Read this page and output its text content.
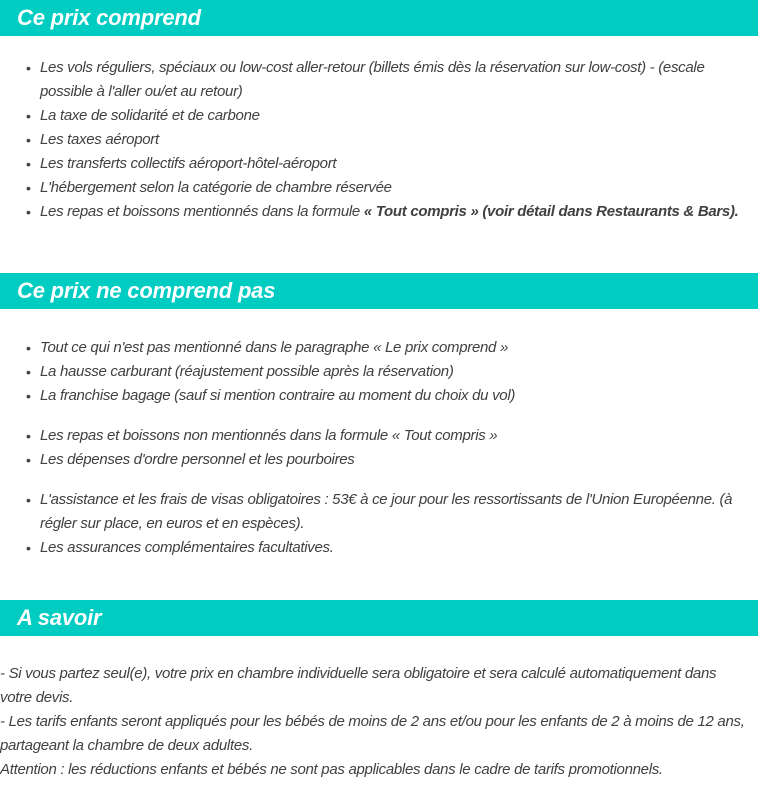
Ce prix comprend
• Les vols réguliers, spéciaux ou low-cost aller-retour (billets émis dès la réservation sur low-cost) - (escale possible à l'aller ou/et au retour)
• La taxe de solidarité et de carbone
• Les taxes aéroport
• Les transferts collectifs aéroport-hôtel-aéroport
• L'hébergement selon la catégorie de chambre réservée
• Les repas et boissons mentionnés dans la formule « Tout compris » (voir détail dans Restaurants & Bars).
Ce prix ne comprend pas
• Tout ce qui n'est pas mentionné dans le paragraphe « Le prix comprend »
• La hausse carburant (réajustement possible après la réservation)
• La franchise bagage (sauf si mention contraire au moment du choix du vol)
• Les repas et boissons non mentionnés dans la formule « Tout compris »
• Les dépenses d'ordre personnel et les pourboires
• L'assistance et les frais de visas obligatoires : 53€ à ce jour pour les ressortissants de l'Union Européenne. (à régler sur place, en euros et en espèces).
• Les assurances complémentaires facultatives.
A savoir

- Si vous partez seul(e), votre prix en chambre individuelle sera obligatoire et sera calculé automatiquement dans votre devis.

- Les tarifs enfants seront appliqués pour les bébés de moins de 2 ans et/ou pour les enfants de 2 à moins de 12 ans, partageant la chambre de deux adultes.

Attention : les réductions enfants et bébés ne sont pas applicables dans le cadre de tarifs promotionnels.
